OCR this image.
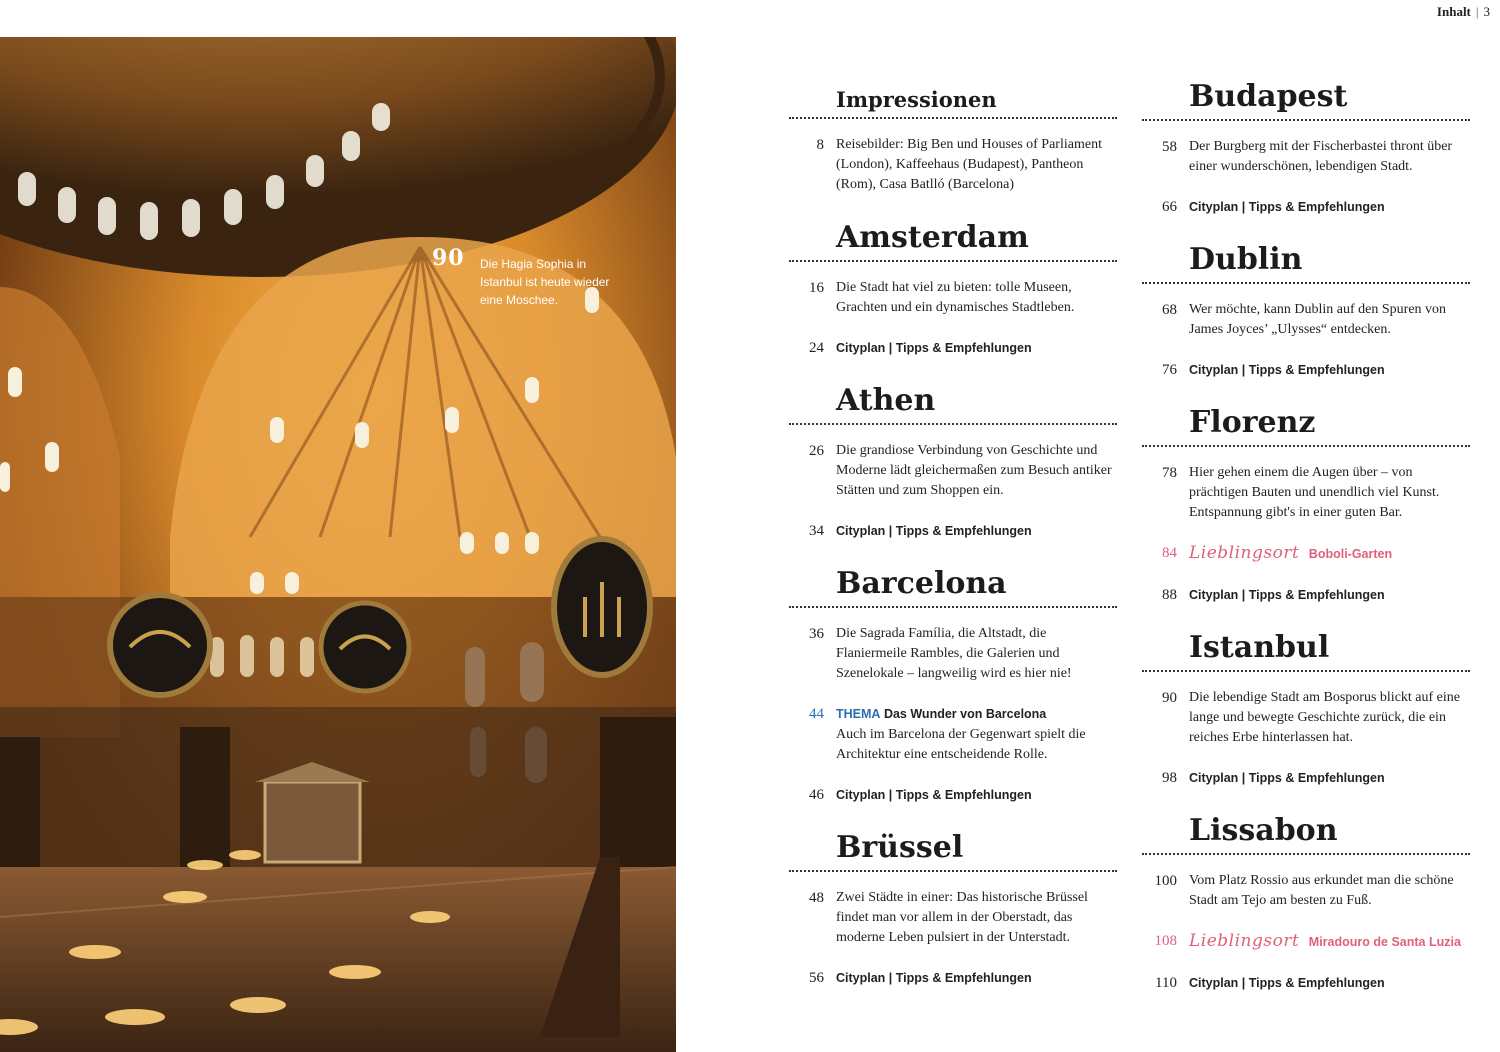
Inhalt | 3
90 Die Hagia Sophia in Istanbul ist heute wieder eine Moschee.
Impressionen
8 Reisebilder: Big Ben und Houses of Parliament (London), Kaffeehaus (Budapest), Pantheon (Rom), Casa Batlló (Barcelona)
Amsterdam
16 Die Stadt hat viel zu bieten: tolle Museen, Grachten und ein dynamisches Stadtleben.
24 Cityplan | Tipps & Empfehlungen
Athen
26 Die grandiose Verbindung von Geschichte und Moderne lädt gleichermaßen zum Besuch antiker Stätten und zum Shoppen ein.
34 Cityplan | Tipps & Empfehlungen
Barcelona
36 Die Sagrada Família, die Altstadt, die Flaniermeile Rambles, die Galerien und Szenelokale – langweilig wird es hier nie!
44 THEMA Das Wunder von Barcelona
Auch im Barcelona der Gegenwart spielt die Architektur eine entscheidende Rolle.
46 Cityplan | Tipps & Empfehlungen
Brüssel
48 Zwei Städte in einer: Das historische Brüssel findet man vor allem in der Oberstadt, das moderne Leben pulsiert in der Unterstadt.
56 Cityplan | Tipps & Empfehlungen
Budapest
58 Der Burgberg mit der Fischerbastei thront über einer wunderschönen, lebendigen Stadt.
66 Cityplan | Tipps & Empfehlungen
Dublin
68 Wer möchte, kann Dublin auf den Spuren von James Joyces’ „Ulysses“ entdecken.
76 Cityplan | Tipps & Empfehlungen
Florenz
78 Hier gehen einem die Augen über – von prächtigen Bauten und unendlich viel Kunst. Entspannung gibt's in einer guten Bar.
84 Lieblingsort Boboli-Garten
88 Cityplan | Tipps & Empfehlungen
Istanbul
90 Die lebendige Stadt am Bosporus blickt auf eine lange und bewegte Geschichte zurück, die ein reiches Erbe hinterlassen hat.
98 Cityplan | Tipps & Empfehlungen
Lissabon
100 Vom Platz Rossio aus erkundet man die schöne Stadt am Tejo am besten zu Fuß.
108 Lieblingsort Miradouro de Santa Luzia
110 Cityplan | Tipps & Empfehlungen
